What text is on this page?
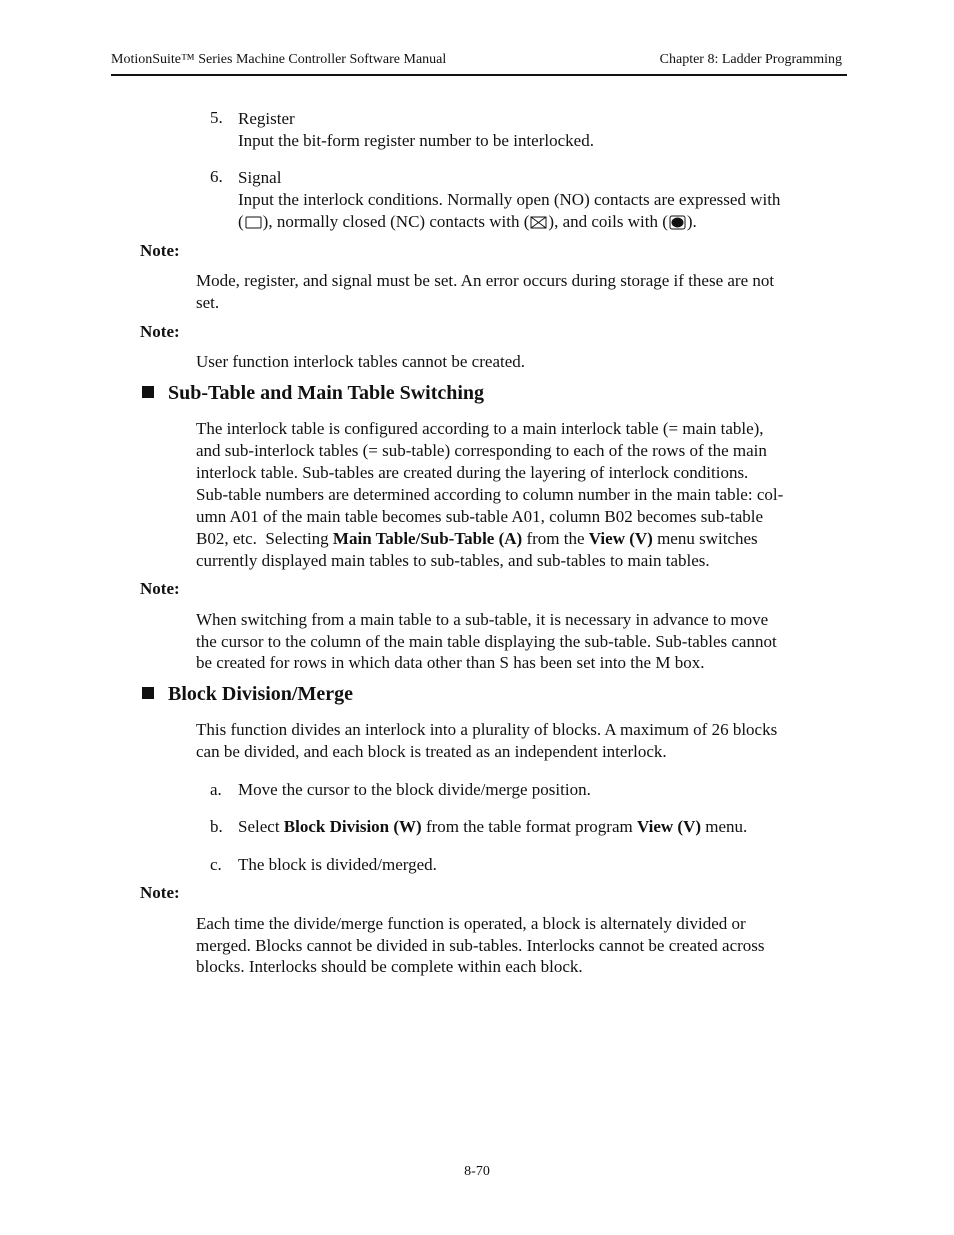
MotionSuite™ Series Machine Controller Software Manual	Chapter 8: Ladder Programming
5. Register
Input the bit-form register number to be interlocked.
6. Signal
Input the interlock conditions. Normally open (NO) contacts are expressed with
( ), normally closed (NC) contacts with ( ), and coils with ( ).
Note:
Mode, register, and signal must be set. An error occurs during storage if these are not
set.
Note:
User function interlock tables cannot be created.
Sub-Table and Main Table Switching
The interlock table is configured according to a main interlock table (= main table),
and sub-interlock tables (= sub-table) corresponding to each of the rows of the main
interlock table. Sub-tables are created during the layering of interlock conditions.
Sub-table numbers are determined according to column number in the main table: col-
umn A01 of the main table becomes sub-table A01, column B02 becomes sub-table
B02, etc.  Selecting Main Table/Sub-Table (A) from the View (V) menu switches
currently displayed main tables to sub-tables, and sub-tables to main tables.
Note:
When switching from a main table to a sub-table, it is necessary in advance to move
the cursor to the column of the main table displaying the sub-table. Sub-tables cannot
be created for rows in which data other than S has been set into the M box.
Block Division/Merge
This function divides an interlock into a plurality of blocks. A maximum of 26 blocks
can be divided, and each block is treated as an independent interlock.
a. Move the cursor to the block divide/merge position.
b. Select Block Division (W) from the table format program View (V) menu.
c. The block is divided/merged.
Note:
Each time the divide/merge function is operated, a block is alternately divided or
merged. Blocks cannot be divided in sub-tables. Interlocks cannot be created across
blocks. Interlocks should be complete within each block.
8-70
